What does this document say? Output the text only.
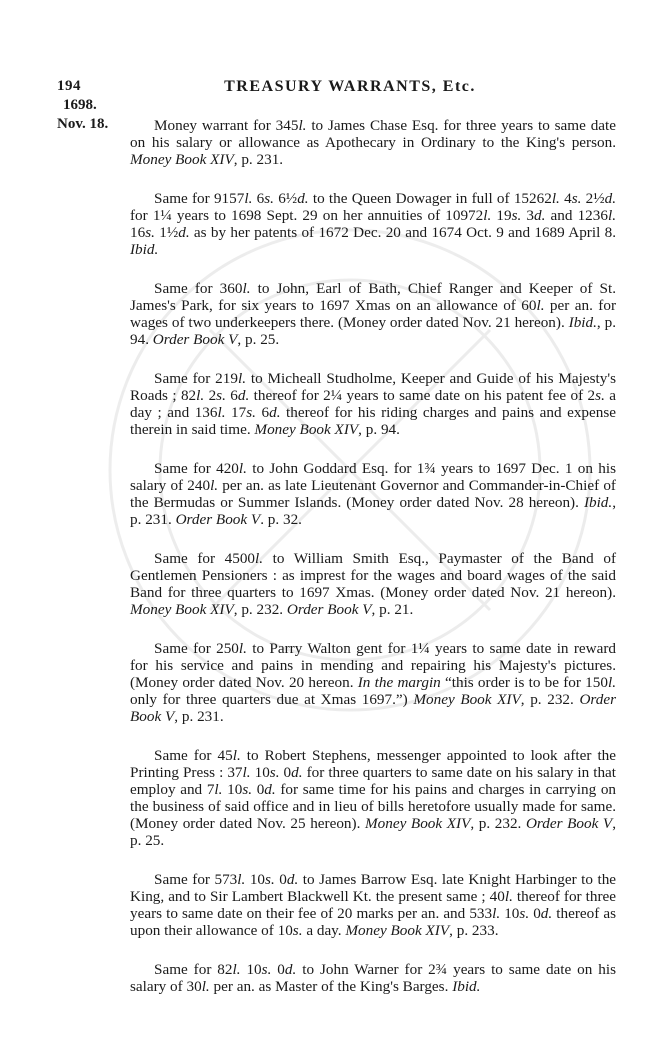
194	TREASURY WARRANTS, Etc.
1698.
Nov. 18.	Money warrant for 345l. to James Chase Esq. for three years to same date on his salary or allowance as Apothecary in Ordinary to the King's person. Money Book XIV, p. 231.

Same for 9157l. 6s. 6½d. to the Queen Dowager in full of 15262l. 4s. 2½d. for 1¼ years to 1698 Sept. 29 on her annuities of 10972l. 19s. 3d. and 1236l. 16s. 1½d. as by her patents of 1672 Dec. 20 and 1674 Oct. 9 and 1689 April 8. Ibid.

Same for 360l. to John, Earl of Bath, Chief Ranger and Keeper of St. James's Park, for six years to 1697 Xmas on an allowance of 60l. per an. for wages of two underkeepers there. (Money order dated Nov. 21 hereon). Ibid., p. 94. Order Book V, p. 25.

Same for 219l. to Micheall Studholme, Keeper and Guide of his Majesty's Roads ; 82l. 2s. 6d. thereof for 2¼ years to same date on his patent fee of 2s. a day ; and 136l. 17s. 6d. thereof for his riding charges and pains and expense therein in said time. Money Book XIV, p. 94.

Same for 420l. to John Goddard Esq. for 1¾ years to 1697 Dec. 1 on his salary of 240l. per an. as late Lieutenant Governor and Commander-in-Chief of the Bermudas or Summer Islands. (Money order dated Nov. 28 hereon). Ibid., p. 231. Order Book V. p. 32.

Same for 4500l. to William Smith Esq., Paymaster of the Band of Gentlemen Pensioners : as imprest for the wages and board wages of the said Band for three quarters to 1697 Xmas. (Money order dated Nov. 21 hereon). Money Book XIV, p. 232. Order Book V, p. 21.

Same for 250l. to Parry Walton gent for 1¼ years to same date in reward for his service and pains in mending and repairing his Majesty's pictures. (Money order dated Nov. 20 hereon. In the margin “this order is to be for 150l. only for three quarters due at Xmas 1697.”) Money Book XIV, p. 232. Order Book V, p. 231.

Same for 45l. to Robert Stephens, messenger appointed to look after the Printing Press : 37l. 10s. 0d. for three quarters to same date on his salary in that employ and 7l. 10s. 0d. for same time for his pains and charges in carrying on the business of said office and in lieu of bills heretofore usually made for same. (Money order dated Nov. 25 hereon). Money Book XIV, p. 232. Order Book V, p. 25.

Same for 573l. 10s. 0d. to James Barrow Esq. late Knight Harbinger to the King, and to Sir Lambert Blackwell Kt. the present same ; 40l. thereof for three years to same date on their fee of 20 marks per an. and 533l. 10s. 0d. thereof as upon their allowance of 10s. a day. Money Book XIV, p. 233.

Same for 82l. 10s. 0d. to John Warner for 2¾ years to same date on his salary of 30l. per an. as Master of the King's Barges. Ibid.
